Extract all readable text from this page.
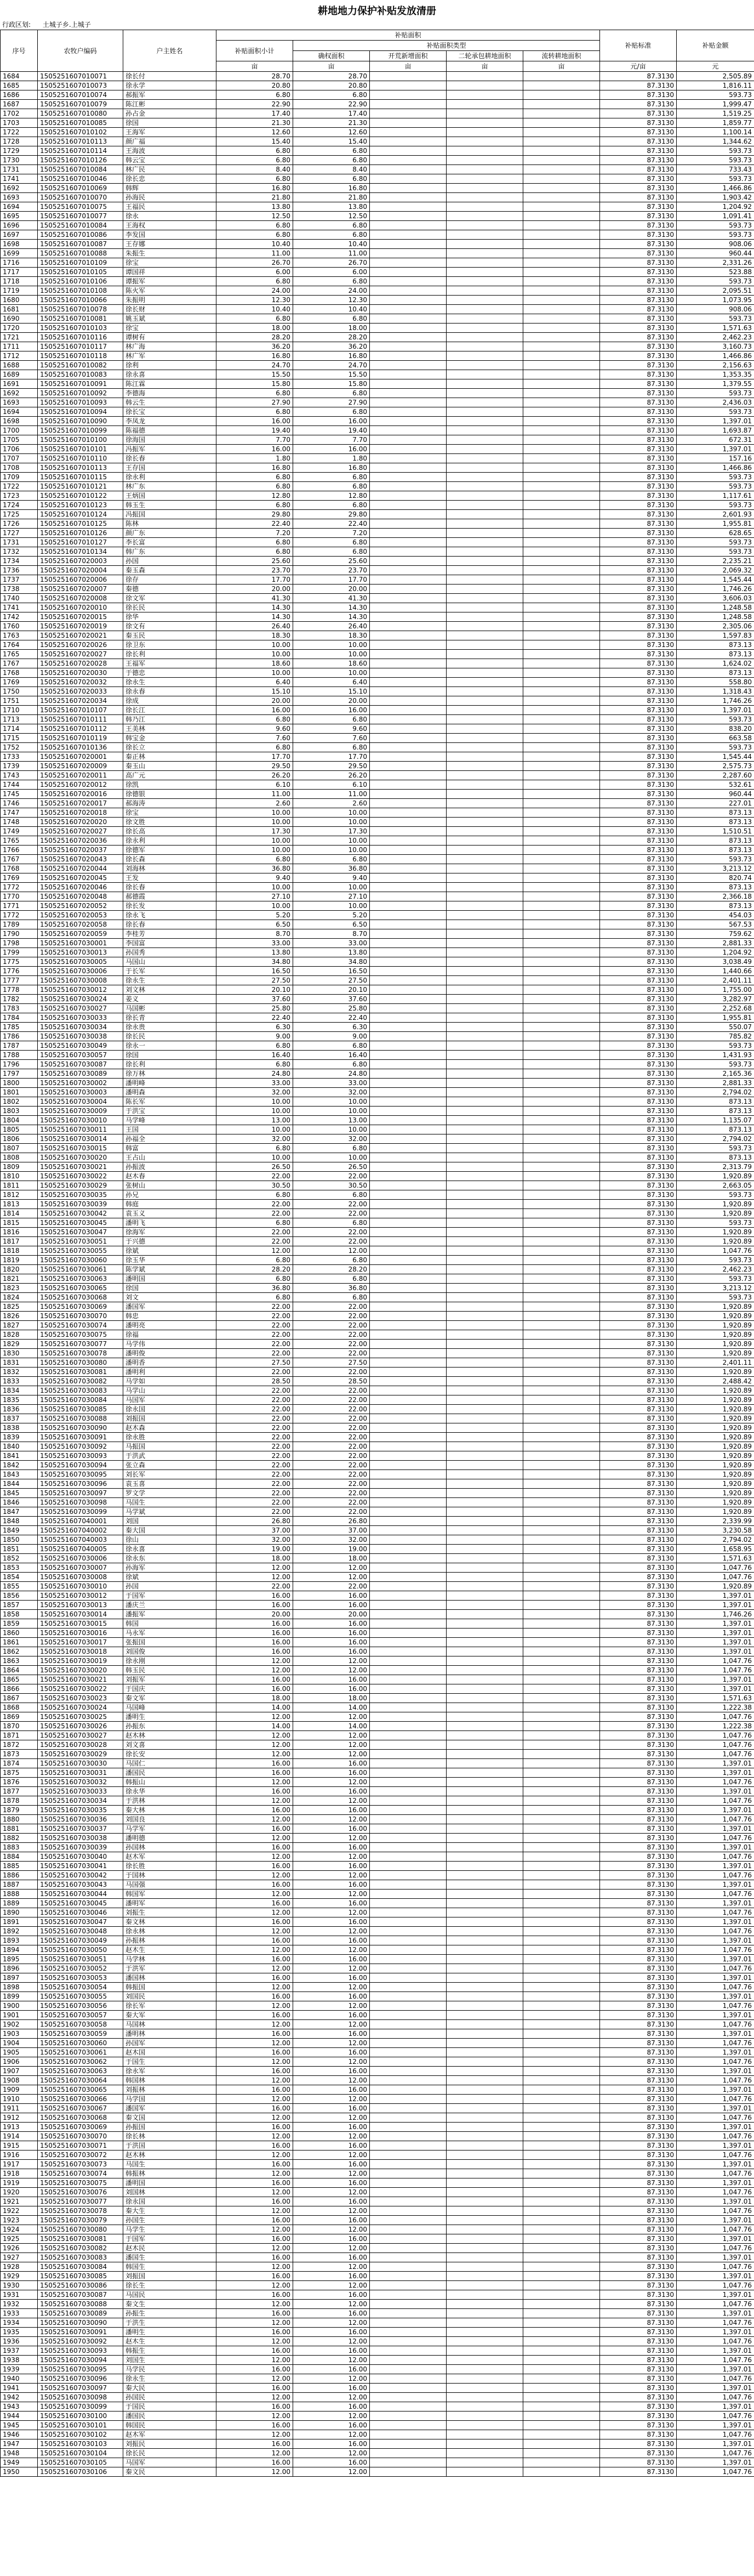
耕地地力保护补贴发放清册
行政区划: 土城子乡.上城子
序号	农牧户编码	户主姓名	补贴面积					补贴标准	补贴金额
			补贴面积小计	补贴面积类型					
				确权面积	开荒新增面积	二轮承包耕地面积	流转耕地面积		
			亩	亩	亩	亩	亩	元/亩	元
1684	1505251607010071	徐长付	28.70	28.70				87.3130	2,505.89
1685	1505251607010073	徐永学	20.80	20.80				87.3130	1,816.11
1686	1505251607010074	郝振军	6.80	6.80				87.3130	593.73
1687	1505251607010079	陈江彬	22.90	22.90				87.3130	1,999.47
1702	1505251607010080	孙占金	17.40	17.40				87.3130	1,519.25
1703	1505251607010085	徐国	21.30	21.30				87.3130	1,859.77
1722	1505251607010102	王海军	12.60	12.60				87.3130	1,100.14
1728	1505251607010113	颜广福	15.40	15.40				87.3130	1,344.62
1729	1505251607010114	王海波	6.80	6.80				87.3130	593.73
1730	1505251607010126	韩云宝	6.80	6.80				87.3130	593.73
1731	1505251607010084	林广民	8.40	8.40				87.3130	733.43
1741	1505251607010046	徐长忠	6.80	6.80				87.3130	593.73
1692	1505251607010069	韩辉	16.80	16.80				87.3130	1,466.86
1693	1505251607010070	孙海民	21.80	21.80				87.3130	1,903.42
1694	1505251607010075	王福民	13.80	13.80				87.3130	1,204.92
1695	1505251607010077	徐永	12.50	12.50				87.3130	1,091.41
1696	1505251607010084	王海权	6.80	6.80				87.3130	593.73
1697	1505251607010086	李发国	6.80	6.80				87.3130	593.73
1698	1505251607010087	王存娜	10.40	10.40				87.3130	908.06
1699	1505251607010088	朱振生	11.00	11.00				87.3130	960.44
1716	1505251607010109	徐宝	26.70	26.70				87.3130	2,331.26
1717	1505251607010105	谭国祥	6.00	6.00				87.3130	523.88
1718	1505251607010106	谭振军	6.80	6.80				87.3130	593.73
1719	1505251607010108	陈火军	24.00	24.00				87.3130	2,095.51
1680	1505251607010066	朱振明	12.30	12.30				87.3130	1,073.95
1681	1505251607010078	徐长财	10.40	10.40				87.3130	908.06
1690	1505251607010081	姚玉斌	6.80	6.80				87.3130	593.73
1720	1505251607010103	徐宝	18.00	18.00				87.3130	1,571.63
1721	1505251607010116	谭树有	28.20	28.20				87.3130	2,462.23
1711	1505251607010117	林广海	36.20	36.20				87.3130	3,160.73
1712	1505251607010118	林广军	16.80	16.80				87.3130	1,466.86
1688	1505251607010082	徐利	24.70	24.70				87.3130	2,156.63
1689	1505251607010083	徐永喜	15.50	15.50				87.3130	1,353.35
1691	1505251607010091	陈江霖	15.80	15.80				87.3130	1,379.55
1692	1505251607010092	李德海	6.80	6.80				87.3130	593.73
1693	1505251607010093	韩云生	27.90	27.90				87.3130	2,436.03
1694	1505251607010094	徐长宝	6.80	6.80				87.3130	593.73
1698	1505251607010090	李凤龙	16.00	16.00				87.3130	1,397.01
1700	1505251607010099	陈福德	19.40	19.40				87.3130	1,693.87
1705	1505251607010100	徐海国	7.70	7.70				87.3130	672.31
1706	1505251607010101	冯振军	16.00	16.00				87.3130	1,397.01
1707	1505251607010110	徐长春	1.80	1.80				87.3130	157.16
1708	1505251607010113	王存国	16.80	16.80				87.3130	1,466.86
1709	1505251607010115	徐永利	6.80	6.80				87.3130	593.73
1722	1505251607010121	林广东	6.80	6.80				87.3130	593.73
1723	1505251607010122	王炳国	12.80	12.80				87.3130	1,117.61
1724	1505251607010123	韩玉生	6.80	6.80				87.3130	593.73
1725	1505251607010124	冯振国	29.80	29.80				87.3130	2,601.93
1726	1505251607010125	陈林	22.40	22.40				87.3130	1,955.81
1727	1505251607010126	颜广东	7.20	7.20				87.3130	628.65
1731	1505251607010127	李长富	6.80	6.80				87.3130	593.73
1732	1505251607010134	韩广东	6.80	6.80				87.3130	593.73
1734	1505251607020003	孙国	25.60	25.60				87.3130	2,235.21
1736	1505251607020004	秦玉森	23.70	23.70				87.3130	2,069.32
1737	1505251607020006	徐存	17.70	17.70				87.3130	1,545.44
1738	1505251607020007	秦德	20.00	20.00				87.3130	1,746.26
1740	1505251607020008	徐文军	41.30	41.30				87.3130	3,606.03
1741	1505251607020010	徐长民	14.30	14.30				87.3130	1,248.58
1742	1505251607020015	徐华	14.30	14.30				87.3130	1,248.58
1760	1505251607020019	徐文有	26.40	26.40				87.3130	2,305.06
1763	1505251607020021	秦玉民	18.30	18.30				87.3130	1,597.83
1764	1505251607020026	徐卫东	10.00	10.00				87.3130	873.13
1765	1505251607020027	徐长利	10.00	10.00				87.3130	873.13
1767	1505251607020028	王福军	18.60	18.60				87.3130	1,624.02
1768	1505251607020030	于德忠	10.00	10.00				87.3130	873.13
1769	1505251607020032	徐永生	6.40	6.40				87.3130	558.80
1750	1505251607020033	徐永春	15.10	15.10				87.3130	1,318.43
1751	1505251607020034	徐成	20.00	20.00				87.3130	1,746.26
1710	1505251607010107	徐长江	16.00	16.00				87.3130	1,397.01
1713	1505251607010111	韩乃江	6.80	6.80				87.3130	593.73
1714	1505251607010112	王美林	9.60	9.60				87.3130	838.20
1715	1505251607010119	韩宝金	7.60	7.60				87.3130	663.58
1752	1505251607010136	徐长立	6.80	6.80				87.3130	593.73
1733	1505251607020001	秦正林	17.70	17.70				87.3130	1,545.44
1739	1505251607020009	秦玉山	29.50	29.50				87.3130	2,575.73
1743	1505251607020011	高广元	26.20	26.20				87.3130	2,287.60
1744	1505251607020012	徐凯	6.10	6.10				87.3130	532.61
1745	1505251607020016	徐德银	11.00	11.00				87.3130	960.44
1746	1505251607020017	郝海涛	2.60	2.60				87.3130	227.01
1747	1505251607020018	徐宝	10.00	10.00				87.3130	873.13
1748	1505251607020020	徐文胜	10.00	10.00				87.3130	873.13
1749	1505251607020027	徐长高	17.30	17.30				87.3130	1,510.51
1765	1505251607020036	徐永利	10.00	10.00				87.3130	873.13
1766	1505251607020037	徐德军	10.00	10.00				87.3130	873.13
1767	1505251607020043	徐长森	6.80	6.80				87.3130	593.73
1768	1505251607020044	刘海林	36.80	36.80				87.3130	3,213.12
1769	1505251607020045	王发	9.40	9.40				87.3130	820.74
1772	1505251607020046	徐长春	10.00	10.00				87.3130	873.13
1770	1505251607020048	郝德霞	27.10	27.10				87.3130	2,366.18
1771	1505251607020052	徐长发	10.00	10.00				87.3130	873.13
1772	1505251607020053	徐永飞	5.20	5.20				87.3130	454.03
1789	1505251607020058	徐长春	6.50	6.50				87.3130	567.53
1790	1505251607020059	李桂芳	8.70	8.70				87.3130	759.62
1798	1505251607030001	李国富	33.00	33.00				87.3130	2,881.33
1799	1505251607030013	孙国秀	13.80	13.80				87.3130	1,204.92
1775	1505251607030005	马国山	34.80	34.80				87.3130	3,038.49
1776	1505251607030006	于长军	16.50	16.50				87.3130	1,440.66
1777	1505251607030008	徐永生	27.50	27.50				87.3130	2,401.11
1778	1505251607030012	刘文林	20.10	20.10				87.3130	1,755.00
1782	1505251607030024	姜义	37.60	37.60				87.3130	3,282.97
1783	1505251607030027	马国彬	25.80	25.80				87.3130	2,252.68
1784	1505251607030033	徐长青	22.40	22.40				87.3130	1,955.81
1785	1505251607030034	徐永贵	6.30	6.30				87.3130	550.07
1786	1505251607030038	徐长民	9.00	9.00				87.3130	785.82
1787	1505251607030049	徐永一	6.80	6.80				87.3130	593.73
1788	1505251607030057	徐国	16.40	16.40				87.3130	1,431.93
1796	1505251607030087	徐长利	6.80	6.80				87.3130	593.73
1797	1505251607030089	徐万林	24.80	24.80				87.3130	2,165.36
1800	1505251607030002	潘明峰	33.00	33.00				87.3130	2,881.33
1801	1505251607030003	潘明森	32.00	32.00				87.3130	2,794.02
1802	1505251607030004	陈长军	10.00	10.00				87.3130	873.13
1803	1505251607030009	于洪宝	10.00	10.00				87.3130	873.13
1804	1505251607030010	马学峰	13.00	13.00				87.3130	1,135.07
1805	1505251607030011	王国	10.00	10.00				87.3130	873.13
1806	1505251607030014	孙福全	32.00	32.00				87.3130	2,794.02
1807	1505251607030015	韩富	6.80	6.80				87.3130	593.73
1808	1505251607030020	王占山	10.00	10.00				87.3130	873.13
1809	1505251607030021	孙振波	26.50	26.50				87.3130	2,313.79
1810	1505251607030022	赵木春	22.00	22.00				87.3130	1,920.89
1811	1505251607030029	张树山	30.50	30.50				87.3130	2,663.05
1812	1505251607030035	孙兄	6.80	6.80				87.3130	593.73
1813	1505251607030039	韩庭	22.00	22.00				87.3130	1,920.89
1814	1505251607030042	袁玉义	22.00	22.00				87.3130	1,920.89
1815	1505251607030045	潘明飞	6.80	6.80				87.3130	593.73
1816	1505251607030047	徐海军	22.00	22.00				87.3130	1,920.89
1817	1505251607030051	于兴德	22.00	22.00				87.3130	1,920.89
1818	1505251607030055	徐斌	12.00	12.00				87.3130	1,047.76
1819	1505251607030060	徐玉华	6.80	6.80				87.3130	593.73
1820	1505251607030061	陈学斌	28.20	28.20				87.3130	2,462.23
1821	1505251607030063	潘明国	6.80	6.80				87.3130	593.73
1823	1505251607030065	徐国	36.80	36.80				87.3130	3,213.12
1824	1505251607030068	刘文	6.80	6.80				87.3130	593.73
1825	1505251607030069	潘国军	22.00	22.00				87.3130	1,920.89
1826	1505251607030070	韩忠	22.00	22.00				87.3130	1,920.89
1827	1505251607030074	潘明亮	22.00	22.00				87.3130	1,920.89
1828	1505251607030075	徐福	22.00	22.00				87.3130	1,920.89
1829	1505251607030077	马学伟	22.00	22.00				87.3130	1,920.89
1830	1505251607030078	潘明俊	22.00	22.00				87.3130	1,920.89
1831	1505251607030080	潘明香	27.50	27.50				87.3130	2,401.11
1832	1505251607030081	潘明利	22.00	22.00				87.3130	1,920.89
1833	1505251607030082	马学如	28.50	28.50				87.3130	2,488.42
1834	1505251607030083	马学山	22.00	22.00				87.3130	1,920.89
1835	1505251607030084	马国军	22.00	22.00				87.3130	1,920.89
1836	1505251607030085	徐永国	22.00	22.00				87.3130	1,920.89
1837	1505251607030088	刘振国	22.00	22.00				87.3130	1,920.89
1838	1505251607030090	赵木森	22.00	22.00				87.3130	1,920.89
1839	1505251607030091	徐永胜	22.00	22.00				87.3130	1,920.89
1840	1505251607030092	马振国	22.00	22.00				87.3130	1,920.89
1841	1505251607030093	于洪武	22.00	22.00				87.3130	1,920.89
1842	1505251607030094	张立森	22.00	22.00				87.3130	1,920.89
1843	1505251607030095	刘长军	22.00	22.00				87.3130	1,920.89
1844	1505251607030096	袁玉喜	22.00	22.00				87.3130	1,920.89
1845	1505251607030097	罗文学	22.00	22.00				87.3130	1,920.89
1846	1505251607030098	马国生	22.00	22.00				87.3130	1,920.89
1847	1505251607030099	马学斌	22.00	22.00				87.3130	1,920.89
1848	1505251607040001	刘国	26.80	26.80				87.3130	2,339.99
1849	1505251607040002	秦大国	37.00	37.00				87.3130	3,230.58
1850	1505251607040003	徐山	32.00	32.00				87.3130	2,794.02
1851	1505251607040005	徐永喜	19.00	19.00				87.3130	1,658.95
1852	1505251607030006	徐永东	18.00	18.00				87.3130	1,571.63
1853	1505251607030007	孙海军	12.00	12.00				87.3130	1,047.76
1854	1505251607030008	徐斌	12.00	12.00				87.3130	1,047.76
1855	1505251607030010	孙国	22.00	22.00				87.3130	1,920.89
1856	1505251607030012	于国军	16.00	16.00				87.3130	1,397.01
1857	1505251607030013	潘庆兰	16.00	16.00				87.3130	1,397.01
1858	1505251607030014	潘振军	20.00	20.00				87.3130	1,746.26
1859	1505251607030015	韩国	16.00	16.00				87.3130	1,397.01
1860	1505251607030016	马永军	16.00	16.00				87.3130	1,397.01
1861	1505251607030017	张振国	16.00	16.00				87.3130	1,397.01
1862	1505251607030018	刘国俊	16.00	16.00				87.3130	1,397.01
1863	1505251607030019	徐永刚	12.00	12.00				87.3130	1,047.76
1864	1505251607030020	韩玉民	12.00	12.00				87.3130	1,047.76
1865	1505251607030021	刘振军	16.00	16.00				87.3130	1,397.01
1866	1505251607030022	于国庆	16.00	16.00				87.3130	1,397.01
1867	1505251607030023	秦文军	18.00	18.00				87.3130	1,571.63
1868	1505251607030024	马国峰	14.00	14.00				87.3130	1,222.38
1869	1505251607030025	潘明生	12.00	12.00				87.3130	1,047.76
1870	1505251607030026	孙振东	14.00	14.00				87.3130	1,222.38
1871	1505251607030027	赵木林	12.00	12.00				87.3130	1,047.76
1872	1505251607030028	刘文喜	12.00	12.00				87.3130	1,047.76
1873	1505251607030029	徐长安	12.00	12.00				87.3130	1,047.76
1874	1505251607030030	马国仁	16.00	16.00				87.3130	1,397.01
1875	1505251607030031	潘国民	16.00	16.00				87.3130	1,397.01
1876	1505251607030032	韩振山	12.00	12.00				87.3130	1,047.76
1877	1505251607030033	徐永华	16.00	16.00				87.3130	1,397.01
1878	1505251607030034	于洪林	12.00	12.00				87.3130	1,047.76
1879	1505251607030035	秦大林	16.00	16.00				87.3130	1,397.01
1880	1505251607030036	刘国良	12.00	12.00				87.3130	1,047.76
1881	1505251607030037	马学军	16.00	16.00				87.3130	1,397.01
1882	1505251607030038	潘明德	12.00	12.00				87.3130	1,047.76
1883	1505251607030039	孙国林	16.00	16.00				87.3130	1,397.01
1884	1505251607030040	赵木军	12.00	12.00				87.3130	1,047.76
1885	1505251607030041	徐长胜	16.00	16.00				87.3130	1,397.01
1886	1505251607030042	于国林	12.00	12.00				87.3130	1,047.76
1887	1505251607030043	马国强	16.00	16.00				87.3130	1,397.01
1888	1505251607030044	韩国军	12.00	12.00				87.3130	1,047.76
1889	1505251607030045	潘明军	16.00	16.00				87.3130	1,397.01
1890	1505251607030046	刘振生	12.00	12.00				87.3130	1,047.76
1891	1505251607030047	秦文林	16.00	16.00				87.3130	1,397.01
1892	1505251607030048	徐永林	12.00	12.00				87.3130	1,047.76
1893	1505251607030049	孙振林	16.00	16.00				87.3130	1,397.01
1894	1505251607030050	赵木生	12.00	12.00				87.3130	1,047.76
1895	1505251607030051	马学林	16.00	16.00				87.3130	1,397.01
1896	1505251607030052	于洪军	12.00	12.00				87.3130	1,047.76
1897	1505251607030053	潘国林	16.00	16.00				87.3130	1,397.01
1898	1505251607030054	韩振国	12.00	12.00				87.3130	1,047.76
1899	1505251607030055	刘国民	16.00	16.00				87.3130	1,397.01
1900	1505251607030056	徐长军	12.00	12.00				87.3130	1,047.76
1901	1505251607030057	秦大军	16.00	16.00				87.3130	1,397.01
1902	1505251607030058	马国林	12.00	12.00				87.3130	1,047.76
1903	1505251607030059	潘明林	16.00	16.00				87.3130	1,397.01
1904	1505251607030060	孙国军	12.00	12.00				87.3130	1,047.76
1905	1505251607030061	赵木国	16.00	16.00				87.3130	1,397.01
1906	1505251607030062	于国生	12.00	12.00				87.3130	1,047.76
1907	1505251607030063	徐永军	16.00	16.00				87.3130	1,397.01
1908	1505251607030064	韩国林	12.00	12.00				87.3130	1,047.76
1909	1505251607030065	刘振林	16.00	16.00				87.3130	1,397.01
1910	1505251607030066	马学国	12.00	12.00				87.3130	1,047.76
1911	1505251607030067	潘国军	16.00	16.00				87.3130	1,397.01
1912	1505251607030068	秦文国	12.00	12.00				87.3130	1,047.76
1913	1505251607030069	孙振国	16.00	16.00				87.3130	1,397.01
1914	1505251607030070	徐长林	12.00	12.00				87.3130	1,047.76
1915	1505251607030071	于洪国	16.00	16.00				87.3130	1,397.01
1916	1505251607030072	赵木林	12.00	12.00				87.3130	1,047.76
1917	1505251607030073	马国生	16.00	16.00				87.3130	1,397.01
1918	1505251607030074	韩振林	12.00	12.00				87.3130	1,047.76
1919	1505251607030075	潘明国	16.00	16.00				87.3130	1,397.01
1920	1505251607030076	刘国林	12.00	12.00				87.3130	1,047.76
1921	1505251607030077	徐永国	16.00	16.00				87.3130	1,397.01
1922	1505251607030078	秦大生	12.00	12.00				87.3130	1,047.76
1923	1505251607030079	孙国生	16.00	16.00				87.3130	1,397.01
1924	1505251607030080	马学生	12.00	12.00				87.3130	1,047.76
1925	1505251607030081	于国军	16.00	16.00				87.3130	1,397.01
1926	1505251607030082	赵木民	12.00	12.00				87.3130	1,047.76
1927	1505251607030083	潘国生	16.00	16.00				87.3130	1,397.01
1928	1505251607030084	韩国生	12.00	12.00				87.3130	1,047.76
1929	1505251607030085	刘振国	16.00	16.00				87.3130	1,397.01
1930	1505251607030086	徐长生	12.00	12.00				87.3130	1,047.76
1931	1505251607030087	马国民	16.00	16.00				87.3130	1,397.01
1932	1505251607030088	秦文生	12.00	12.00				87.3130	1,047.76
1933	1505251607030089	孙振生	16.00	16.00				87.3130	1,397.01
1934	1505251607030090	于洪生	12.00	12.00				87.3130	1,047.76
1935	1505251607030091	潘明生	16.00	16.00				87.3130	1,397.01
1936	1505251607030092	赵木生	12.00	12.00				87.3130	1,047.76
1937	1505251607030093	韩振生	16.00	16.00				87.3130	1,397.01
1938	1505251607030094	刘国生	12.00	12.00				87.3130	1,047.76
1939	1505251607030095	马学民	16.00	16.00				87.3130	1,397.01
1940	1505251607030096	徐永生	12.00	12.00				87.3130	1,047.76
1941	1505251607030097	秦大民	16.00	16.00				87.3130	1,397.01
1942	1505251607030098	孙国民	12.00	12.00				87.3130	1,047.76
1943	1505251607030099	于国民	16.00	16.00				87.3130	1,397.01
1944	1505251607030100	潘国民	12.00	12.00				87.3130	1,047.76
1945	1505251607030101	韩国民	16.00	16.00				87.3130	1,397.01
1946	1505251607030102	赵木军	12.00	12.00				87.3130	1,047.76
1947	1505251607030103	刘振民	16.00	16.00				87.3130	1,397.01
1948	1505251607030104	徐长民	12.00	12.00				87.3130	1,047.76
1949	1505251607030105	马国军	16.00	16.00				87.3130	1,397.01
1950	1505251607030106	秦文民	12.00	12.00				87.3130	1,047.76
